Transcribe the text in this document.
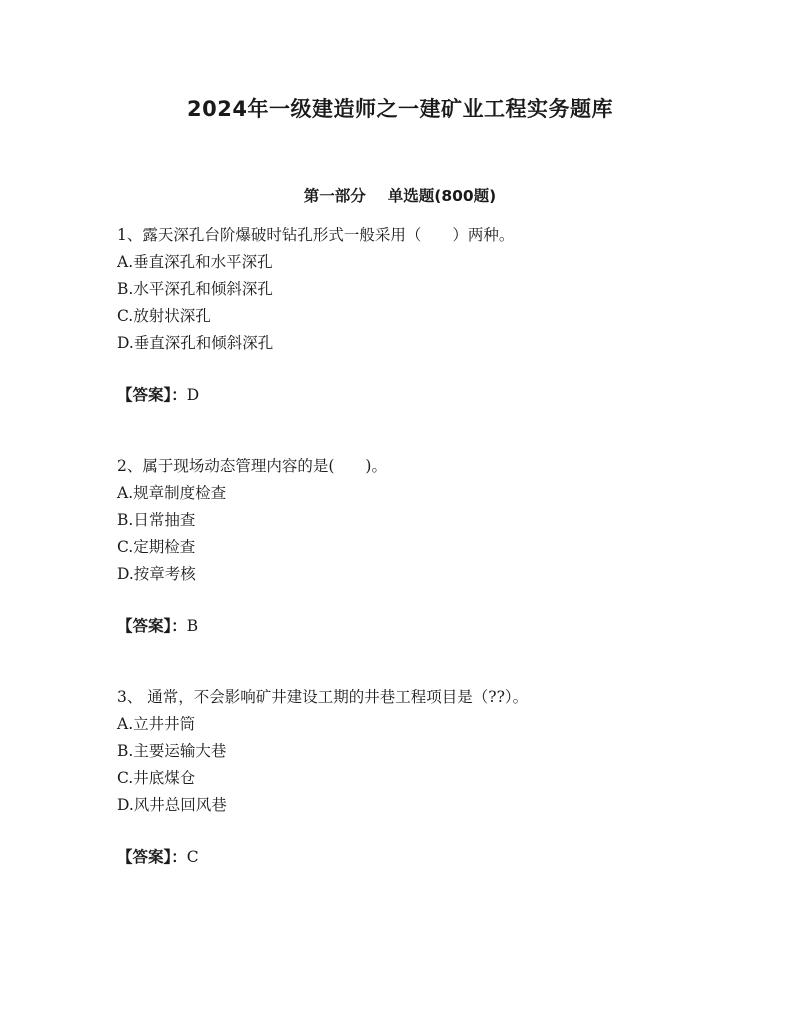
2024年一级建造师之一建矿业工程实务题库
第一部分 单选题(800题)
1、露天深孔台阶爆破时钻孔形式一般采用（　　）两种。
A.垂直深孔和水平深孔
B.水平深孔和倾斜深孔
C.放射状深孔
D.垂直深孔和倾斜深孔
【答案】：D
2、属于现场动态管理内容的是(　　)。
A.规章制度检查
B.日常抽查
C.定期检查
D.按章考核
【答案】：B
3、 通常，不会影响矿井建设工期的井巷工程项目是（??）。
A.立井井筒
B.主要运输大巷
C.井底煤仓
D.风井总回风巷
【答案】：C
